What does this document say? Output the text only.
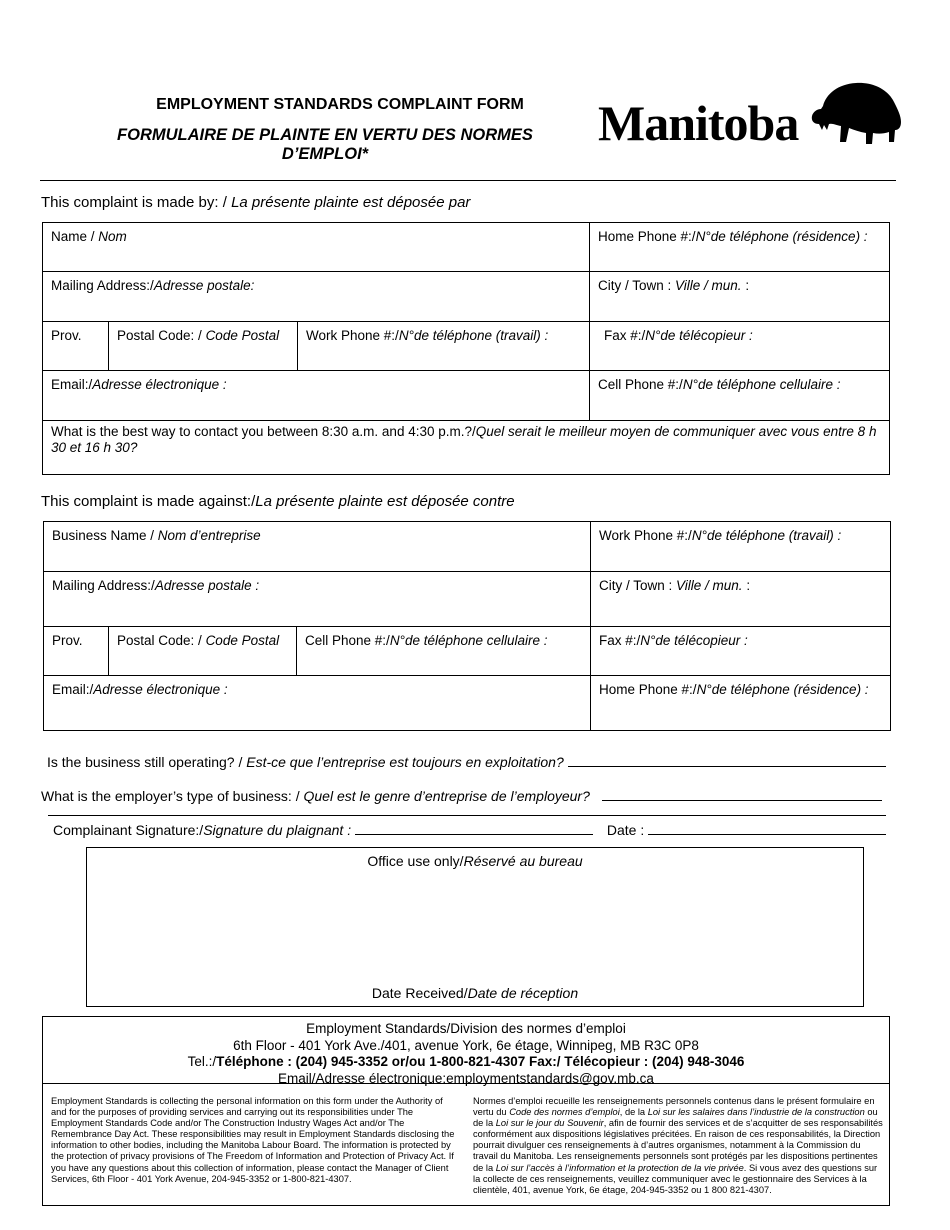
EMPLOYMENT STANDARDS COMPLAINT FORM
FORMULAIRE DE PLAINTE EN VERTU DES NORMES D’EMPLOI*
Manitoba
This complaint is made by: / La présente plainte est déposée par
Name / Nom			Home Phone #:/N°de téléphone (résidence) :
Mailing Address:/Adresse postale:			City / Town : Ville / mun. :
Prov.	Postal Code: / Code Postal	Work Phone #:/N°de téléphone (travail) :	Fax #:/N°de télécopieur :
Email:/Adresse électronique :			Cell Phone #:/N°de téléphone cellulaire :
What is the best way to contact you between 8:30 a.m. and 4:30 p.m.?/Quel serait le meilleur moyen de communiquer avec vous entre 8 h 30 et 16 h 30?			
This complaint is made against:/La présente plainte est déposée contre
Business Name / Nom d’entreprise			Work Phone #:/N°de téléphone (travail) :
Mailing Address:/Adresse postale :			City / Town : Ville / mun. :
Prov.	Postal Code: / Code Postal	Cell Phone #:/N°de téléphone cellulaire :	Fax #:/N°de télécopieur :
Email:/Adresse électronique :			Home Phone #:/N°de téléphone (résidence) :
Is the business still operating? / Est-ce que l’entreprise est toujours en exploitation?
What is the employer’s type of business: / Quel est le genre d’entreprise de l’employeur?
Complainant Signature:/Signature du plaignant :	Date :
Office use only/Réservé au bureau
Date Received/Date de réception
Employment Standards/Division des normes d’emploi
6th Floor - 401 York Ave./401, avenue York, 6e étage, Winnipeg, MB R3C 0P8
Tel.:/Téléphone : (204) 945-3352 or/ou 1-800-821-4307 Fax:/ Télécopieur : (204) 948-3046
Email/Adresse électronique:employmentstandards@gov.mb.ca
Employment Standards is collecting the personal information on this form under the Authority of and for the purposes of providing services and carrying out its responsibilities under The Employment Standards Code and/or The Construction Industry Wages Act and/or The Remembrance Day Act. These responsibilities may result in Employment Standards disclosing the information to other bodies, including the Manitoba Labour Board. The information is protected by the protection of privacy provisions of The Freedom of Information and Protection of Privacy Act. If you have any questions about this collection of information, please contact the Manager of Client Services, 6th Floor - 401 York Avenue, 204-945-3352 or 1-800-821-4307.
Normes d’emploi recueille les renseignements personnels contenus dans le présent formulaire en vertu du Code des normes d’emploi, de la Loi sur les salaires dans l’industrie de la construction ou de la Loi sur le jour du Souvenir, afin de fournir des services et de s’acquitter de ses responsabilités conformément aux dispositions législatives précitées. En raison de ces responsabilités, la Direction pourrait divulguer ces renseignements à d’autres organismes, notamment à la Commission du travail du Manitoba. Les renseignements personnels sont protégés par les dispositions pertinentes de la Loi sur l’accès à l’information et la protection de la vie privée. Si vous avez des questions sur la collecte de ces renseignements, veuillez communiquer avec le gestionnaire des Services à la clientèle, 401, avenue York, 6e étage, 204-945-3352 ou 1 800 821-4307.
